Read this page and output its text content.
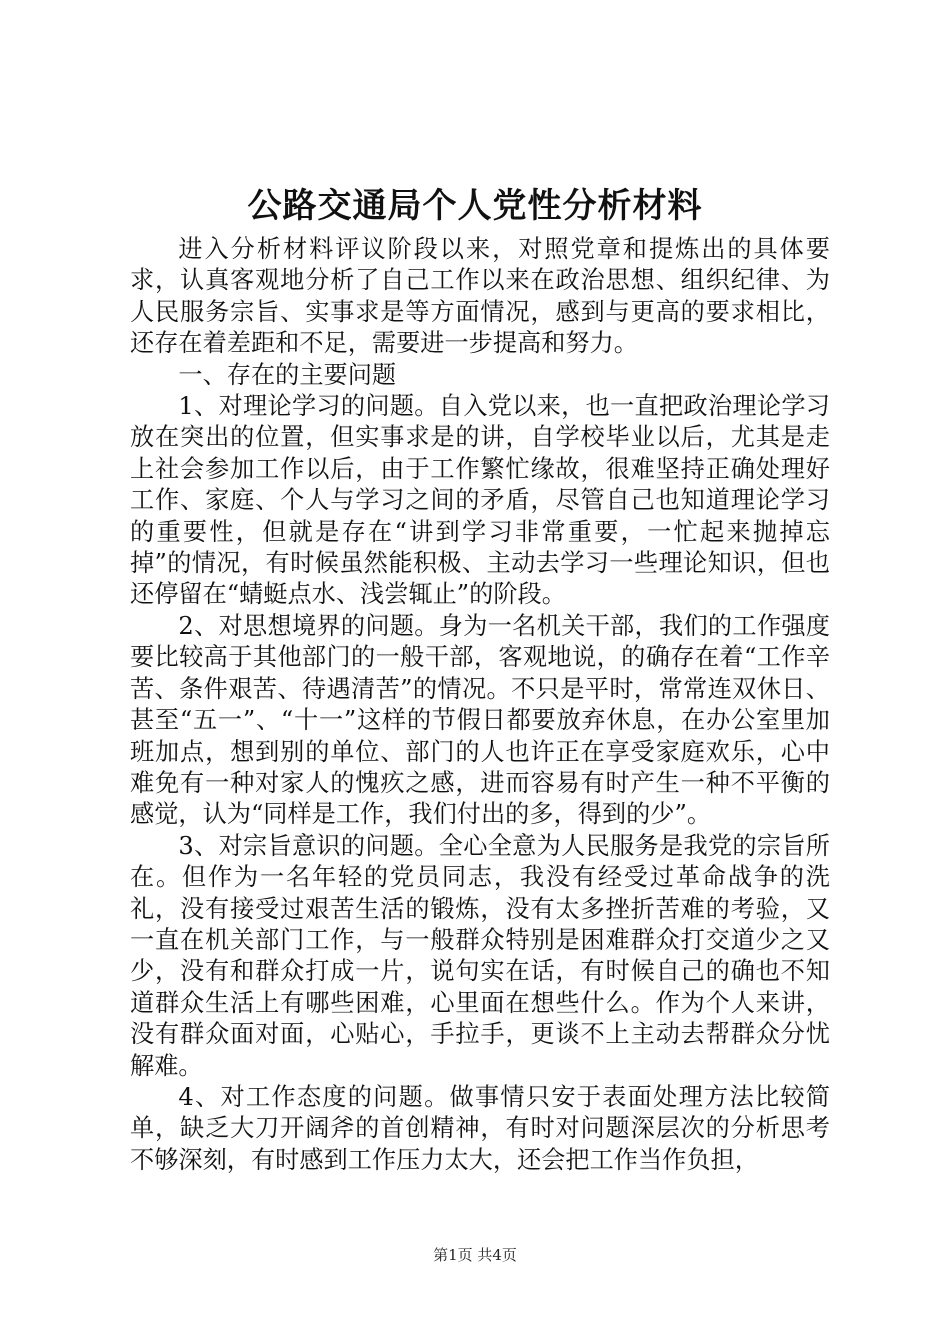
公路交通局个人党性分析材料

进入分析材料评议阶段以来，对照党章和提炼出的具体要求，认真客观地分析了自己工作以来在政治思想、组织纪律、为人民服务宗旨、实事求是等方面情况，感到与更高的要求相比，还存在着差距和不足，需要进一步提高和努力。

一、存在的主要问题

1、对理论学习的问题。自入党以来，也一直把政治理论学习放在突出的位置，但实事求是的讲，自学校毕业以后，尤其是走上社会参加工作以后，由于工作繁忙缘故，很难坚持正确处理好工作、家庭、个人与学习之间的矛盾，尽管自己也知道理论学习的重要性，但就是存在“讲到学习非常重要，一忙起来抛掉忘掉”的情况，有时候虽然能积极、主动去学习一些理论知识，但也还停留在“蜻蜓点水、浅尝辄止”的阶段。

2、对思想境界的问题。身为一名机关干部，我们的工作强度要比较高于其他部门的一般干部，客观地说，的确存在着“工作辛苦、条件艰苦、待遇清苦”的情况。不只是平时，常常连双休日、甚至“五一”、“十一”这样的节假日都要放弃休息，在办公室里加班加点，想到别的单位、部门的人也许正在享受家庭欢乐，心中难免有一种对家人的愧疚之感，进而容易有时产生一种不平衡的感觉，认为“同样是工作，我们付出的多，得到的少”。

3、对宗旨意识的问题。全心全意为人民服务是我党的宗旨所在。但作为一名年轻的党员同志，我没有经受过革命战争的洗礼，没有接受过艰苦生活的锻炼，没有太多挫折苦难的考验，又一直在机关部门工作，与一般群众特别是困难群众打交道少之又少，没有和群众打成一片，说句实在话，有时候自己的确也不知道群众生活上有哪些困难，心里面在想些什么。作为个人来讲，没有群众面对面，心贴心，手拉手，更谈不上主动去帮群众分忧解难。

4、对工作态度的问题。做事情只安于表面处理方法比较简单，缺乏大刀开阔斧的首创精神，有时对问题深层次的分析思考不够深刻，有时感到工作压力太大，还会把工作当作负担，

第1页 共4页
